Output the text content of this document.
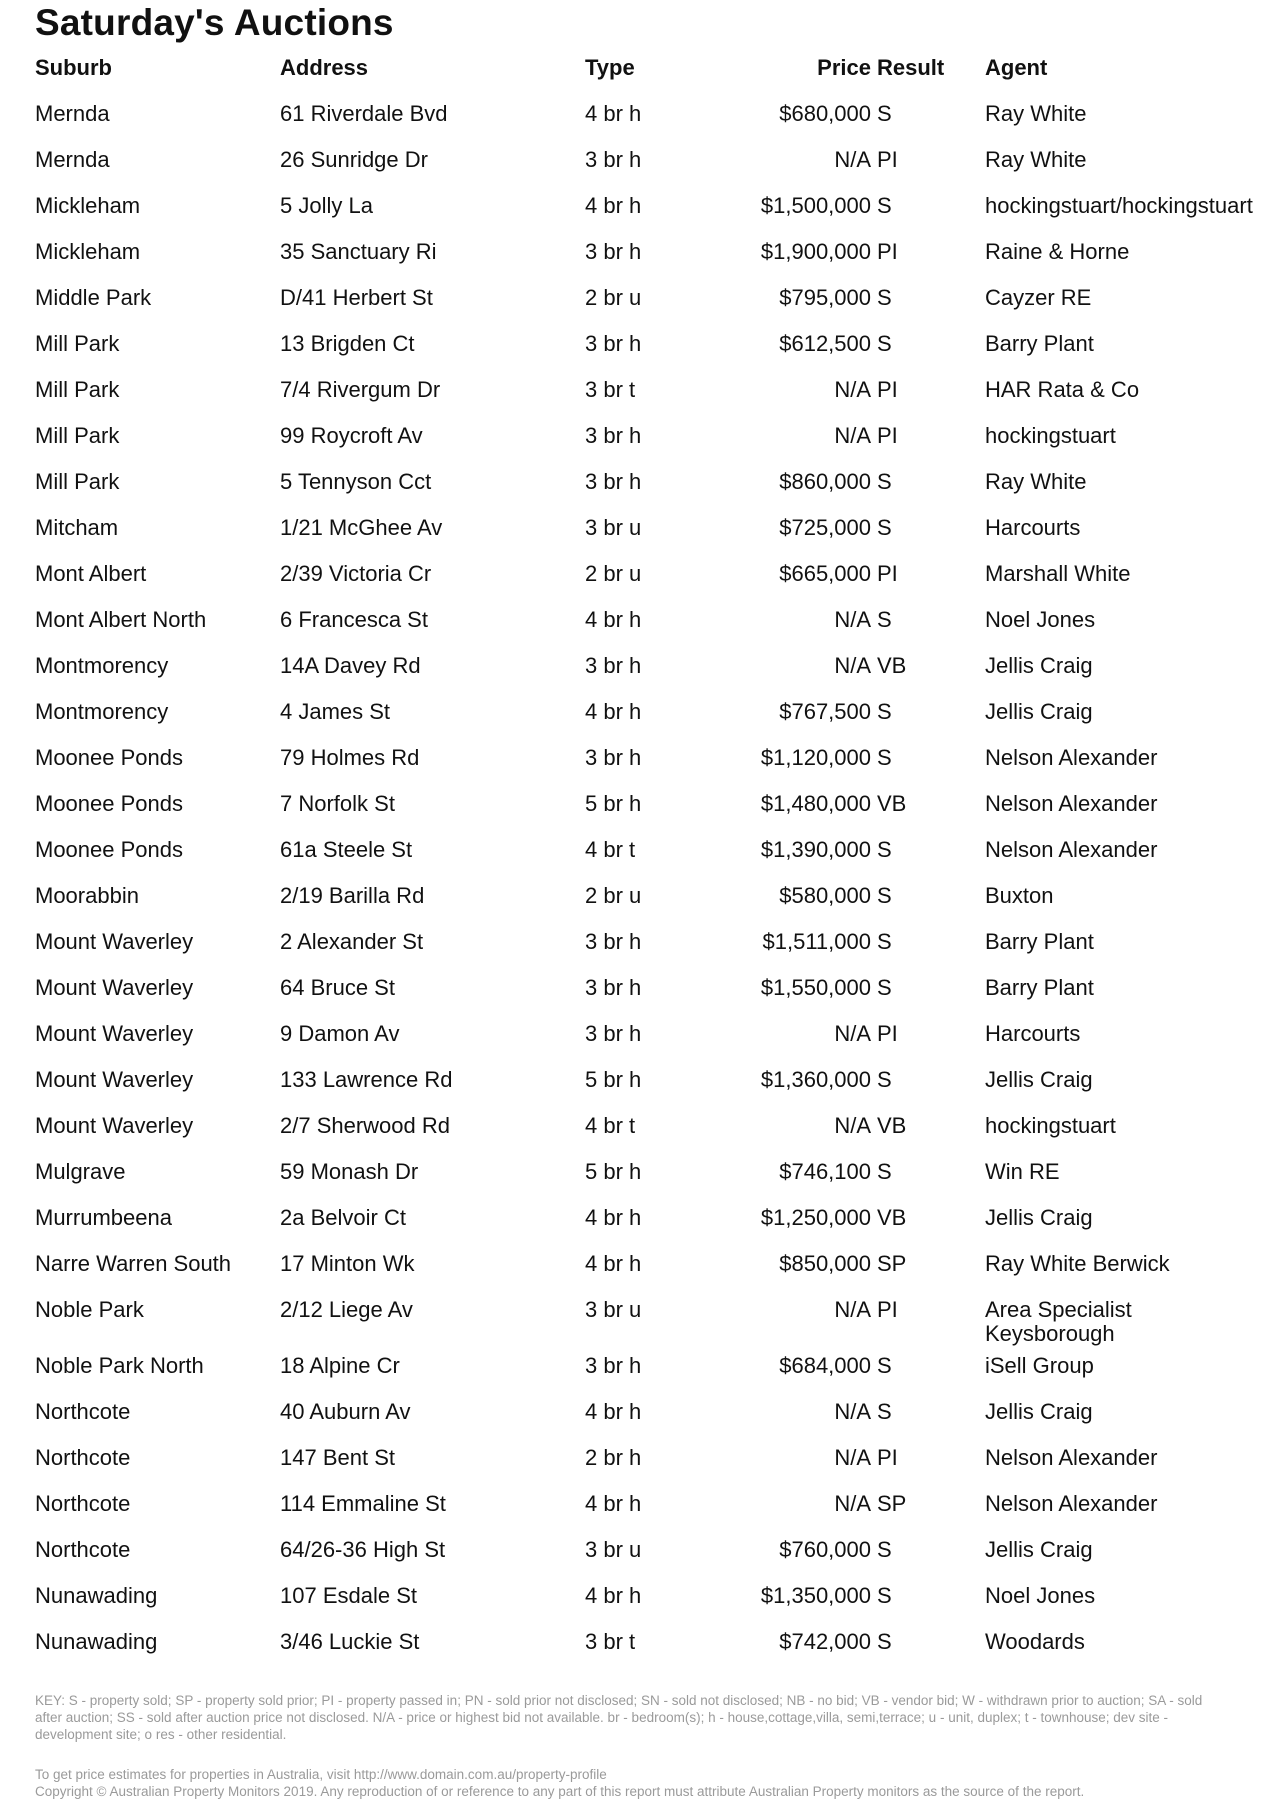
Saturday's Auctions
Suburb	Address	Type	Price Result	Agent
Mernda	61 Riverdale Bvd	4 br h	$680,000 S	Ray White
Mernda	26 Sunridge Dr	3 br h	N/A PI	Ray White
Mickleham	5 Jolly La	4 br h	$1,500,000 S	hockingstuart/hockingstuart
Mickleham	35 Sanctuary Ri	3 br h	$1,900,000 PI	Raine & Horne
Middle Park	D/41 Herbert St	2 br u	$795,000 S	Cayzer RE
Mill Park	13 Brigden Ct	3 br h	$612,500 S	Barry Plant
Mill Park	7/4 Rivergum Dr	3 br t	N/A PI	HAR Rata & Co
Mill Park	99 Roycroft Av	3 br h	N/A PI	hockingstuart
Mill Park	5 Tennyson Cct	3 br h	$860,000 S	Ray White
Mitcham	1/21 McGhee Av	3 br u	$725,000 S	Harcourts
Mont Albert	2/39 Victoria Cr	2 br u	$665,000 PI	Marshall White
Mont Albert North	6 Francesca St	4 br h	N/A S	Noel Jones
Montmorency	14A Davey Rd	3 br h	N/A VB	Jellis Craig
Montmorency	4 James St	4 br h	$767,500 S	Jellis Craig
Moonee Ponds	79 Holmes Rd	3 br h	$1,120,000 S	Nelson Alexander
Moonee Ponds	7 Norfolk St	5 br h	$1,480,000 VB	Nelson Alexander
Moonee Ponds	61a Steele St	4 br t	$1,390,000 S	Nelson Alexander
Moorabbin	2/19 Barilla Rd	2 br u	$580,000 S	Buxton
Mount Waverley	2 Alexander St	3 br h	$1,511,000 S	Barry Plant
Mount Waverley	64 Bruce St	3 br h	$1,550,000 S	Barry Plant
Mount Waverley	9 Damon Av	3 br h	N/A PI	Harcourts
Mount Waverley	133 Lawrence Rd	5 br h	$1,360,000 S	Jellis Craig
Mount Waverley	2/7 Sherwood Rd	4 br t	N/A VB	hockingstuart
Mulgrave	59 Monash Dr	5 br h	$746,100 S	Win RE
Murrumbeena	2a Belvoir Ct	4 br h	$1,250,000 VB	Jellis Craig
Narre Warren South	17 Minton Wk	4 br h	$850,000 SP	Ray White Berwick
Noble Park	2/12 Liege Av	3 br u	N/A PI	Area Specialist Keysborough
Noble Park North	18 Alpine Cr	3 br h	$684,000 S	iSell Group
Northcote	40 Auburn Av	4 br h	N/A S	Jellis Craig
Northcote	147 Bent St	2 br h	N/A PI	Nelson Alexander
Northcote	114 Emmaline St	4 br h	N/A SP	Nelson Alexander
Northcote	64/26-36 High St	3 br u	$760,000 S	Jellis Craig
Nunawading	107 Esdale St	4 br h	$1,350,000 S	Noel Jones
Nunawading	3/46 Luckie St	3 br t	$742,000 S	Woodards
KEY: S - property sold; SP - property sold prior; PI - property passed in; PN - sold prior not disclosed; SN - sold not disclosed; NB - no bid; VB - vendor bid; W - withdrawn prior to auction; SA - sold after auction; SS - sold after auction price not disclosed. N/A - price or highest bid not available. br - bedroom(s); h - house,cottage,villa, semi,terrace; u - unit, duplex; t - townhouse; dev site - development site; o res - other residential.
To get price estimates for properties in Australia, visit http://www.domain.com.au/property-profile
Copyright © Australian Property Monitors 2019. Any reproduction of or reference to any part of this report must attribute Australian Property monitors as the source of the report.
